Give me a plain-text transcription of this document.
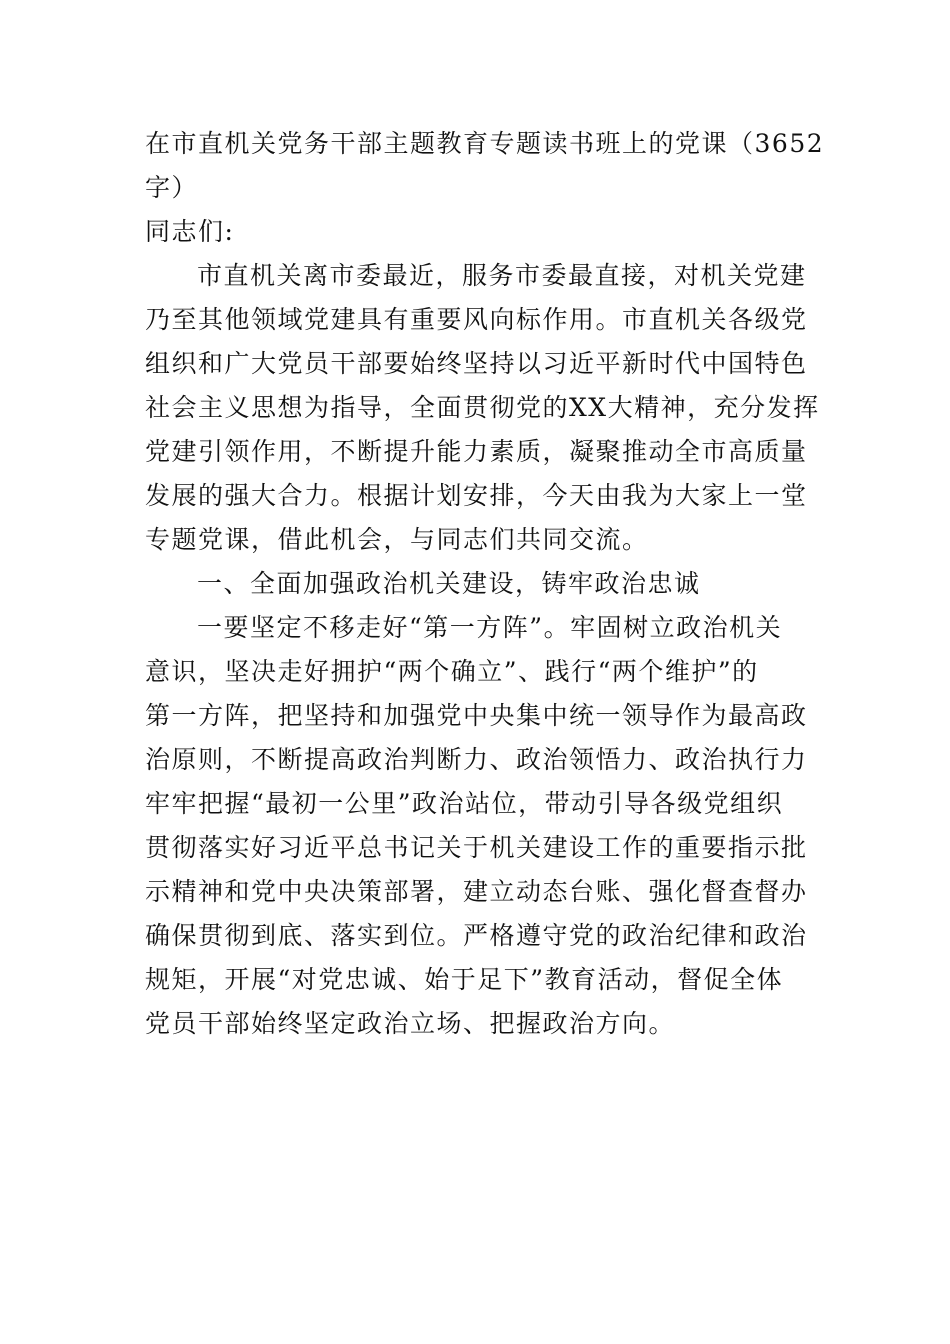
在市直机关党务干部主题教育专题读书班上的党课（3652
字）
同志们:
市直机关离市委最近，服务市委最直接，对机关党建
乃至其他领域党建具有重要风向标作用。市直机关各级党
组织和广大党员干部要始终坚持以习近平新时代中国特色
社会主义思想为指导，全面贯彻党的XX大精神，充分发挥
党建引领作用，不断提升能力素质，凝聚推动全市高质量
发展的强大合力。根据计划安排，今天由我为大家上一堂
专题党课，借此机会，与同志们共同交流。
一、全面加强政治机关建设，铸牢政治忠诚
一要坚定不移走好“第一方阵”。牢固树立政治机关
意识，坚决走好拥护“两个确立”、践行“两个维护”的
第一方阵，把坚持和加强党中央集中统一领导作为最高政
治原则，不断提高政治判断力、政治领悟力、政治执行力
牢牢把握“最初一公里”政治站位，带动引导各级党组织
贯彻落实好习近平总书记关于机关建设工作的重要指示批
示精神和党中央决策部署，建立动态台账、强化督查督办
确保贯彻到底、落实到位。严格遵守党的政治纪律和政治
规矩，开展“对党忠诚、始于足下”教育活动，督促全体
党员干部始终坚定政治立场、把握政治方向。
